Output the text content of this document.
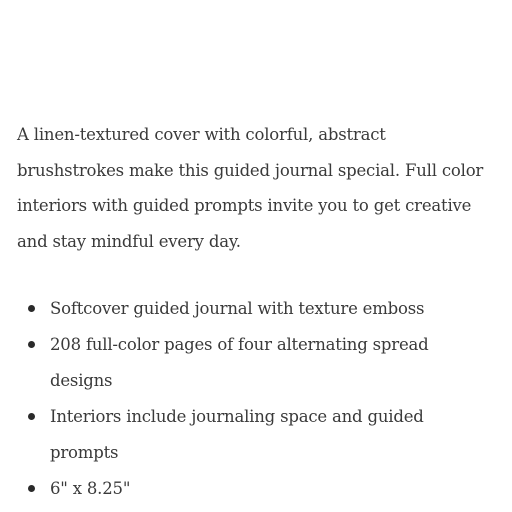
A linen-textured cover with colorful, abstract brushstrokes make this guided journal special. Full color interiors with guided prompts invite you to get creative and stay mindful every day.

Softcover guided journal with texture emboss
208 full-color pages of four alternating spread designs
Interiors include journaling space and guided prompts
6" x 8.25"
